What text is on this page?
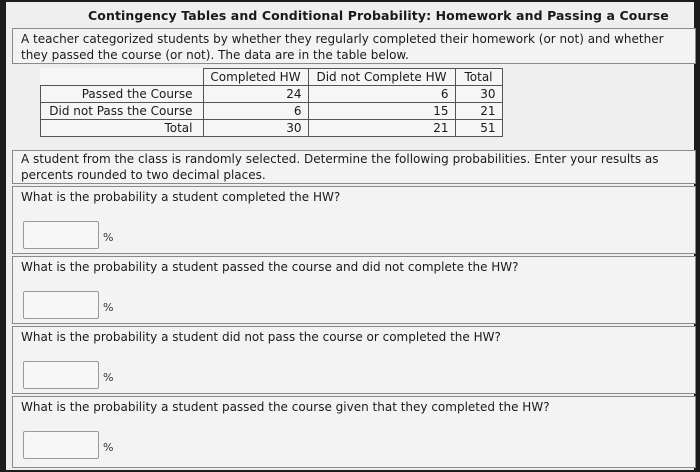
Contingency Tables and Conditional Probability: Homework and Passing a Course
A teacher categorized students by whether they regularly completed their homework (or not) and whether they passed the course (or not). The data are in the table below.
	Completed HW	Did not Complete HW	Total
Passed the Course	24	6	30
Did not Pass the Course	6	15	21
Total	30	21	51
A student from the class is randomly selected. Determine the following probabilities. Enter your results as percents rounded to two decimal places.
What is the probability a student completed the HW?
%
What is the probability a student passed the course and did not complete the HW?
%
What is the probability a student did not pass the course or completed the HW?
%
What is the probability a student passed the course given that they completed the HW?
%
